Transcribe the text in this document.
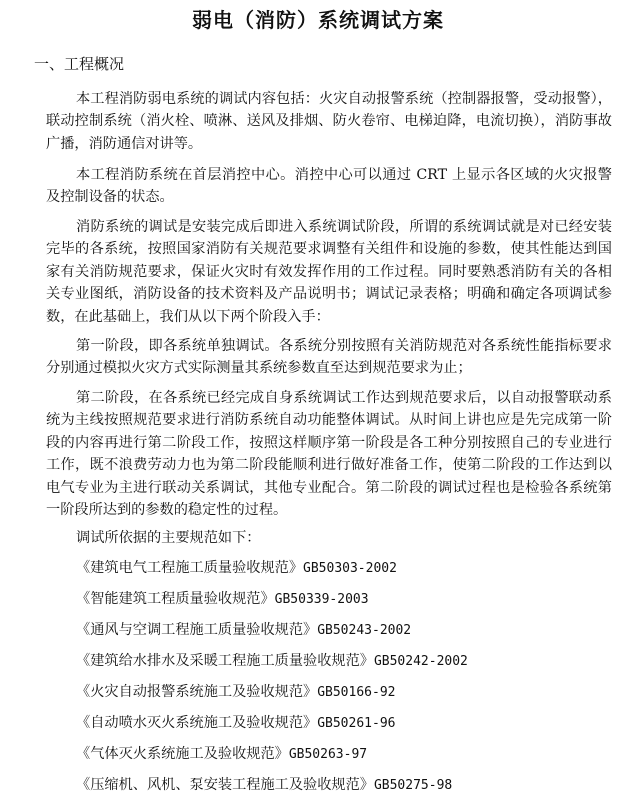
弱电（消防）系统调试方案
一、工程概况

本工程消防弱电系统的调试内容包括：火灾自动报警系统（控制器报警，受动报警），联动控制系统（消火栓、喷淋、送风及排烟、防火卷帘、电梯迫降，电流切换），消防事故广播，消防通信对讲等。

本工程消防系统在首层消控中心。消控中心可以通过 CRT 上显示各区域的火灾报警及控制设备的状态。

消防系统的调试是安装完成后即进入系统调试阶段，所谓的系统调试就是对已经安装完毕的各系统，按照国家消防有关规范要求调整有关组件和设施的参数，使其性能达到国家有关消防规范要求，保证火灾时有效发挥作用的工作过程。同时要熟悉消防有关的各相关专业图纸，消防设备的技术资料及产品说明书；调试记录表格；明确和确定各项调试参数，在此基础上，我们从以下两个阶段入手：

第一阶段，即各系统单独调试。各系统分别按照有关消防规范对各系统性能指标要求分别通过模拟火灾方式实际测量其系统参数直至达到规范要求为止；

第二阶段，在各系统已经完成自身系统调试工作达到规范要求后，以自动报警联动系统为主线按照规范要求进行消防系统自动功能整体调试。从时间上讲也应是先完成第一阶段的内容再进行第二阶段工作，按照这样顺序第一阶段是各工种分别按照自己的专业进行工作，既不浪费劳动力也为第二阶段能顺利进行做好准备工作，使第二阶段的工作达到以电气专业为主进行联动关系调试，其他专业配合。第二阶段的调试过程也是检验各系统第一阶段所达到的参数的稳定性的过程。

调试所依据的主要规范如下：

《建筑电气工程施工质量验收规范》GB50303-2002
《智能建筑工程质量验收规范》GB50339-2003
《通风与空调工程施工质量验收规范》GB50243-2002
《建筑给水排水及采暖工程施工质量验收规范》GB50242-2002
《火灾自动报警系统施工及验收规范》GB50166-92
《自动喷水灭火系统施工及验收规范》GB50261-96
《气体灭火系统施工及验收规范》GB50263-97
《压缩机、风机、泵安装工程施工及验收规范》GB50275-98
